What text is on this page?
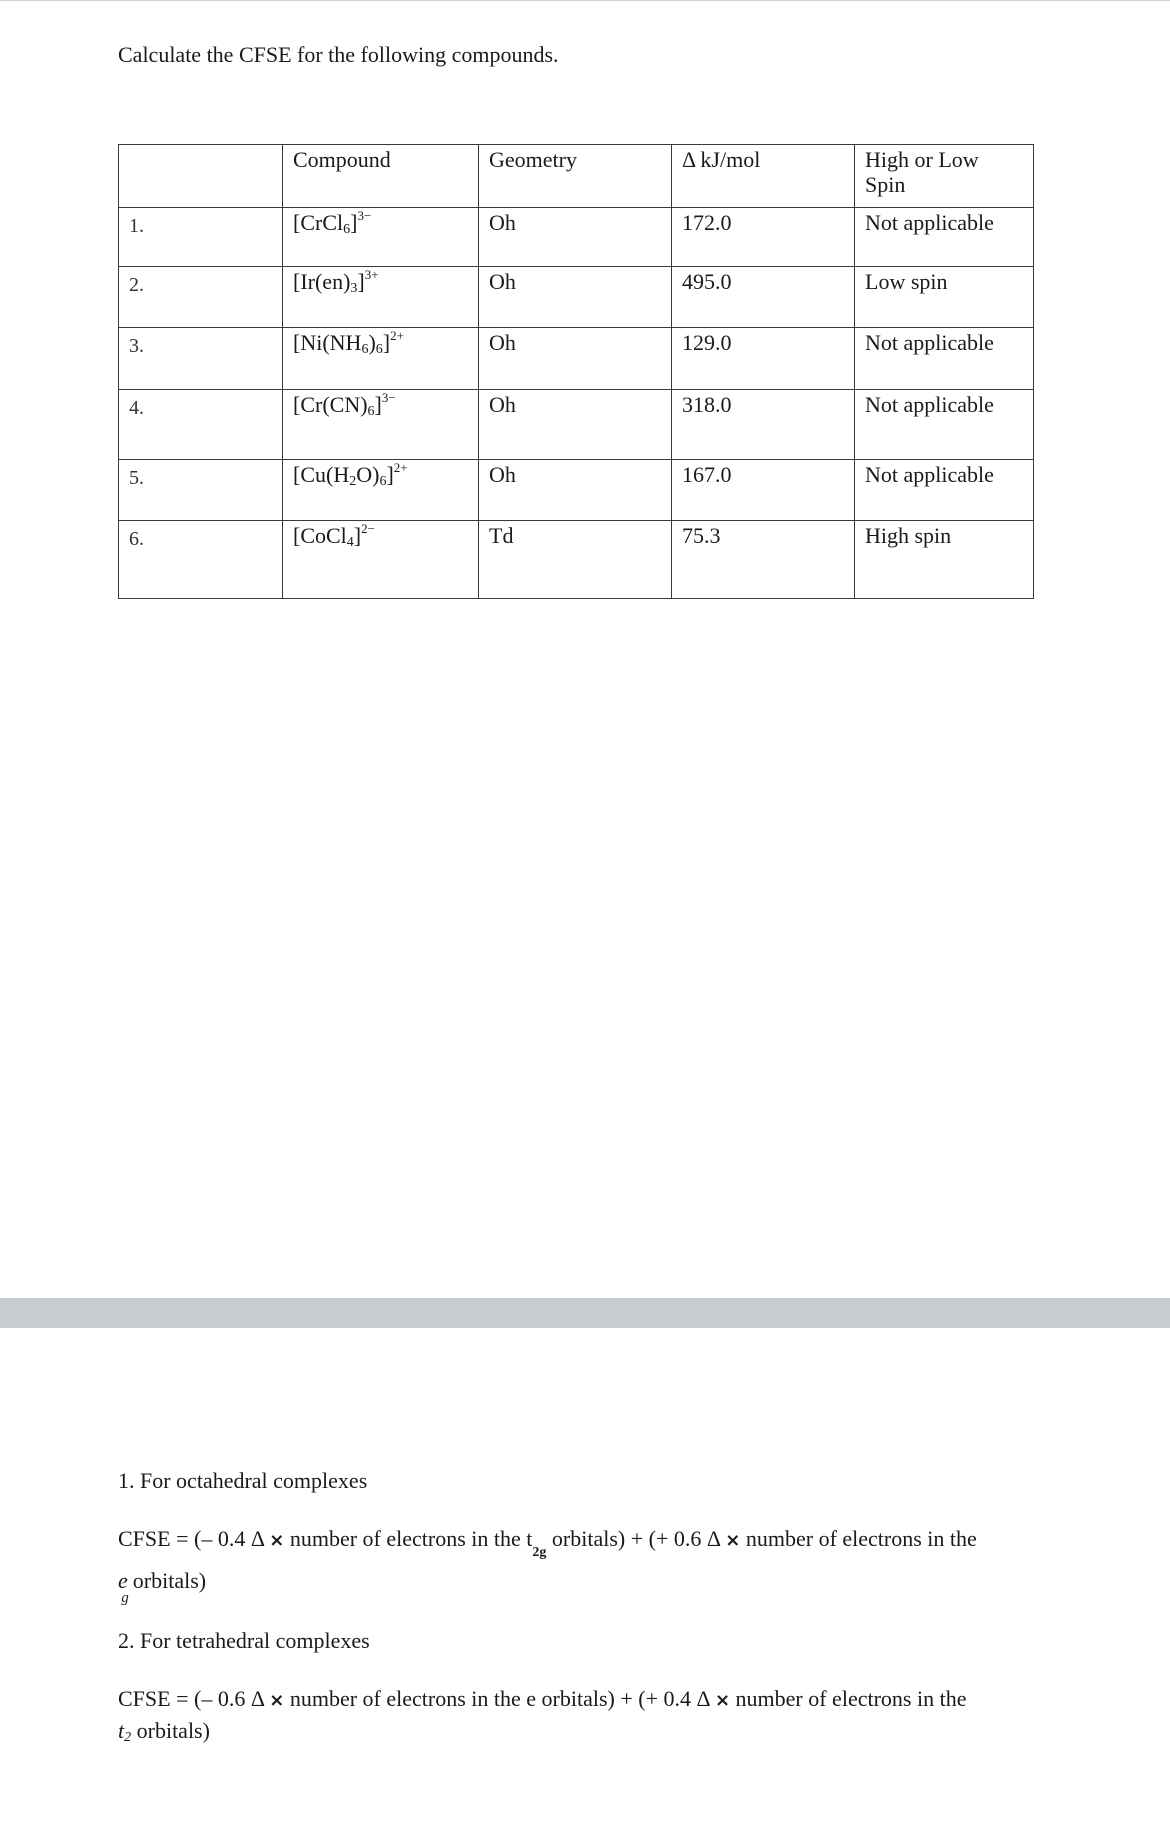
Calculate the CFSE for the following compounds.
	Compound	Geometry	Δ kJ/mol	High or Low Spin
1.	[CrCl$_6$]$^{3-}$	Oh	172.0	Not applicable
2.	$[Ir(en)_3]^{3+}$	Oh	495.0	Low spin
3.	$[Ni(NH_6)_6]^{2+}$	Oh	129.0	Not applicable
4.	$[Cr(CN)_6]^{3-}$	Oh	318.0	Not applicable
5.	$[Cu(H_2O)_6]^{2+}$	Oh	167.0	Not applicable
6.	[CoCl$_4$]$^{2-}$	Td	75.3	High spin
1. For octahedral complexes
CFSE = (– 0.4 Δ × number of electrons in the $t_{2g}$ orbitals) + (+ 0.6 Δ × number of electrons in the
e $_g$orbitals)
2. For tetrahedral complexes
CFSE = (– 0.6 Δ × number of electrons in the e orbitals) + (+ 0.4 Δ × number of electrons in the
$t_2$ orbitals)
